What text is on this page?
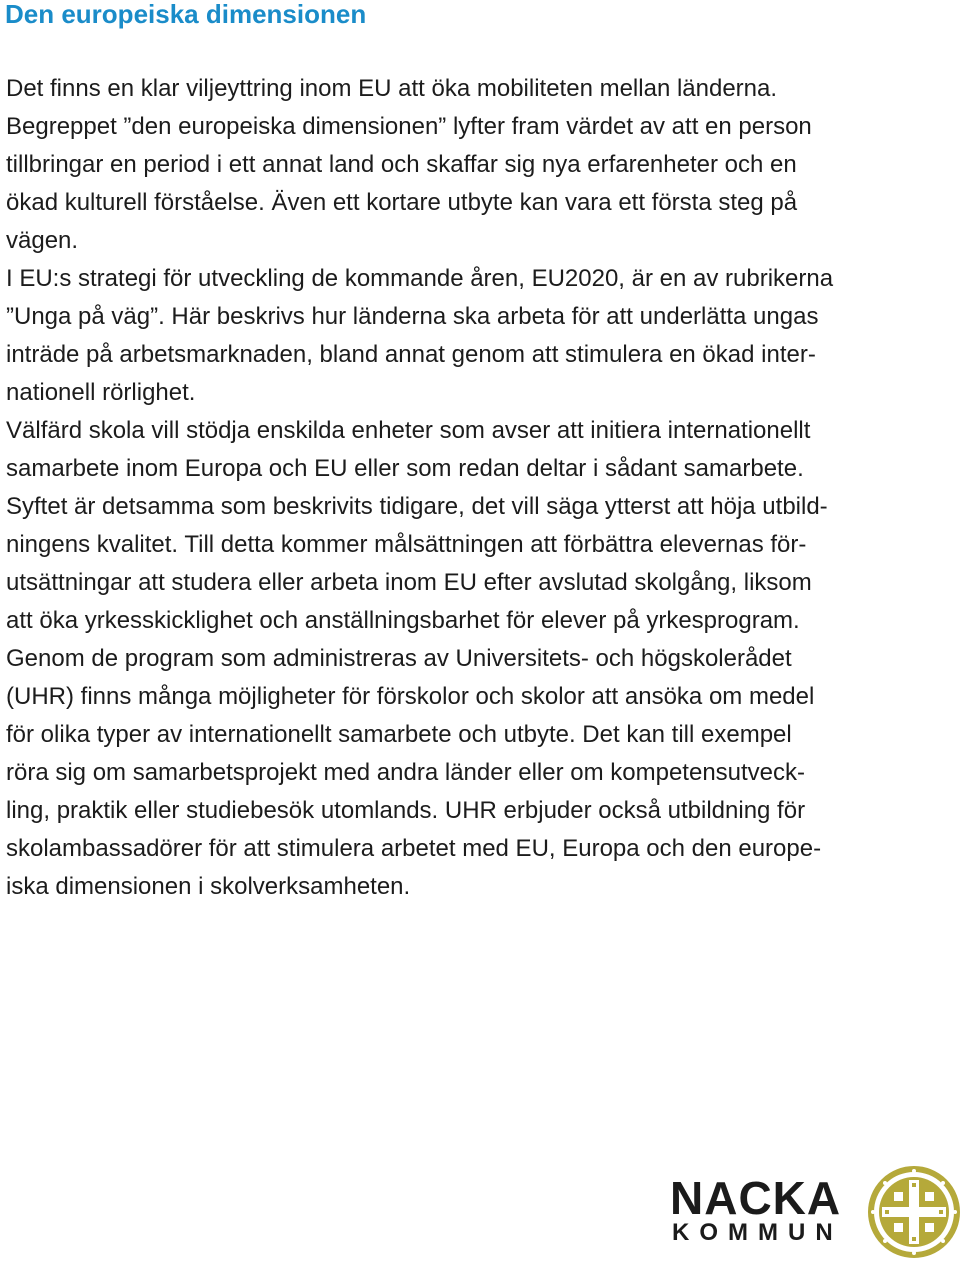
Den europeiska dimensionen
Det finns en klar viljeyttring inom EU att öka mobiliteten mellan länderna.
Begreppet ”den europeiska dimensionen” lyfter fram värdet av att en person
tillbringar en period i ett annat land och skaffar sig nya erfarenheter och en
ökad kulturell förståelse. Även ett kortare utbyte kan vara ett första steg på
vägen.
I EU:s strategi för utveckling de kommande åren, EU2020, är en av rubrikerna
”Unga på väg”. Här beskrivs hur länderna ska arbeta för att underlätta ungas
inträde på arbetsmarknaden, bland annat genom att stimulera en ökad inter-
nationell rörlighet.
Välfärd skola vill stödja enskilda enheter som avser att initiera internationellt
samarbete inom Europa och EU eller som redan deltar i sådant samarbete.
Syftet är detsamma som beskrivits tidigare, det vill säga ytterst att höja utbild-
ningens kvalitet. Till detta kommer målsättningen att förbättra elevernas för-
utsättningar att studera eller arbeta inom EU efter avslutad skolgång, liksom
att öka yrkesskicklighet och anställningsbarhet för elever på yrkesprogram.
Genom de program som administreras av Universitets- och högskolerådet
(UHR) finns många möjligheter för förskolor och skolor att ansöka om medel
för olika typer av internationellt samarbete och utbyte. Det kan till exempel
röra sig om samarbetsprojekt med andra länder eller om kompetensutveck-
ling, praktik eller studiebesök utomlands. UHR erbjuder också utbildning för
skolambassadörer för att stimulera arbetet med EU, Europa och den europe-
iska dimensionen i skolverksamheten.
NACKA
KOMMUN
